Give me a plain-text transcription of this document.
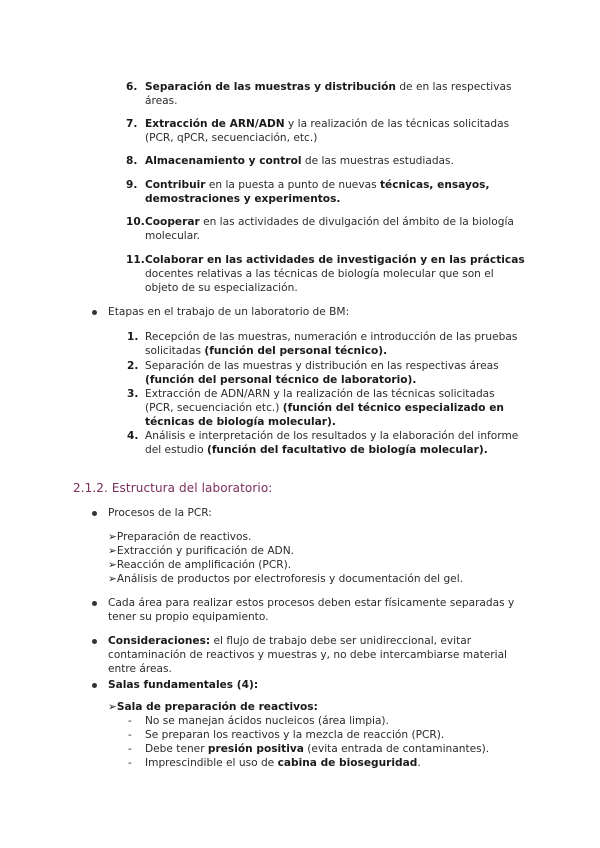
6. Separación de las muestras y distribución de en las respectivas áreas.
7. Extracción de ARN/ADN y la realización de las técnicas solicitadas (PCR, qPCR, secuenciación, etc.)
8. Almacenamiento y control de las muestras estudiadas.
9. Contribuir en la puesta a punto de nuevas técnicas, ensayos, demostraciones y experimentos.
10. Cooperar en las actividades de divulgación del ámbito de la biología molecular.
11. Colaborar en las actividades de investigación y en las prácticas docentes relativas a las técnicas de biología molecular que son el objeto de su especialización.
Etapas en el trabajo de un laboratorio de BM:
1. Recepción de las muestras, numeración e introducción de las pruebas solicitadas (función del personal técnico).
2. Separación de las muestras y distribución en las respectivas áreas (función del personal técnico de laboratorio).
3. Extracción de ADN/ARN y la realización de las técnicas solicitadas (PCR, secuenciación etc.) (función del técnico especializado en técnicas de biología molecular).
4. Análisis e interpretación de los resultados y la elaboración del informe del estudio (función del facultativo de biología molecular).
2.1.2. Estructura del laboratorio:
Procesos de la PCR:
➢Preparación de reactivos.
➢Extracción y purificación de ADN.
➢Reacción de amplificación (PCR).
➢Análisis de productos por electroforesis y documentación del gel.
Cada área para realizar estos procesos deben estar físicamente separadas y tener su propio equipamiento.
Consideraciones: el flujo de trabajo debe ser unidireccional, evitar contaminación de reactivos y muestras y, no debe intercambiarse material entre áreas.
Salas fundamentales (4):
➢Sala de preparación de reactivos:
- No se manejan ácidos nucleicos (área limpia).
- Se preparan los reactivos y la mezcla de reacción (PCR).
- Debe tener presión positiva (evita entrada de contaminantes).
- Imprescindible el uso de cabina de bioseguridad.
